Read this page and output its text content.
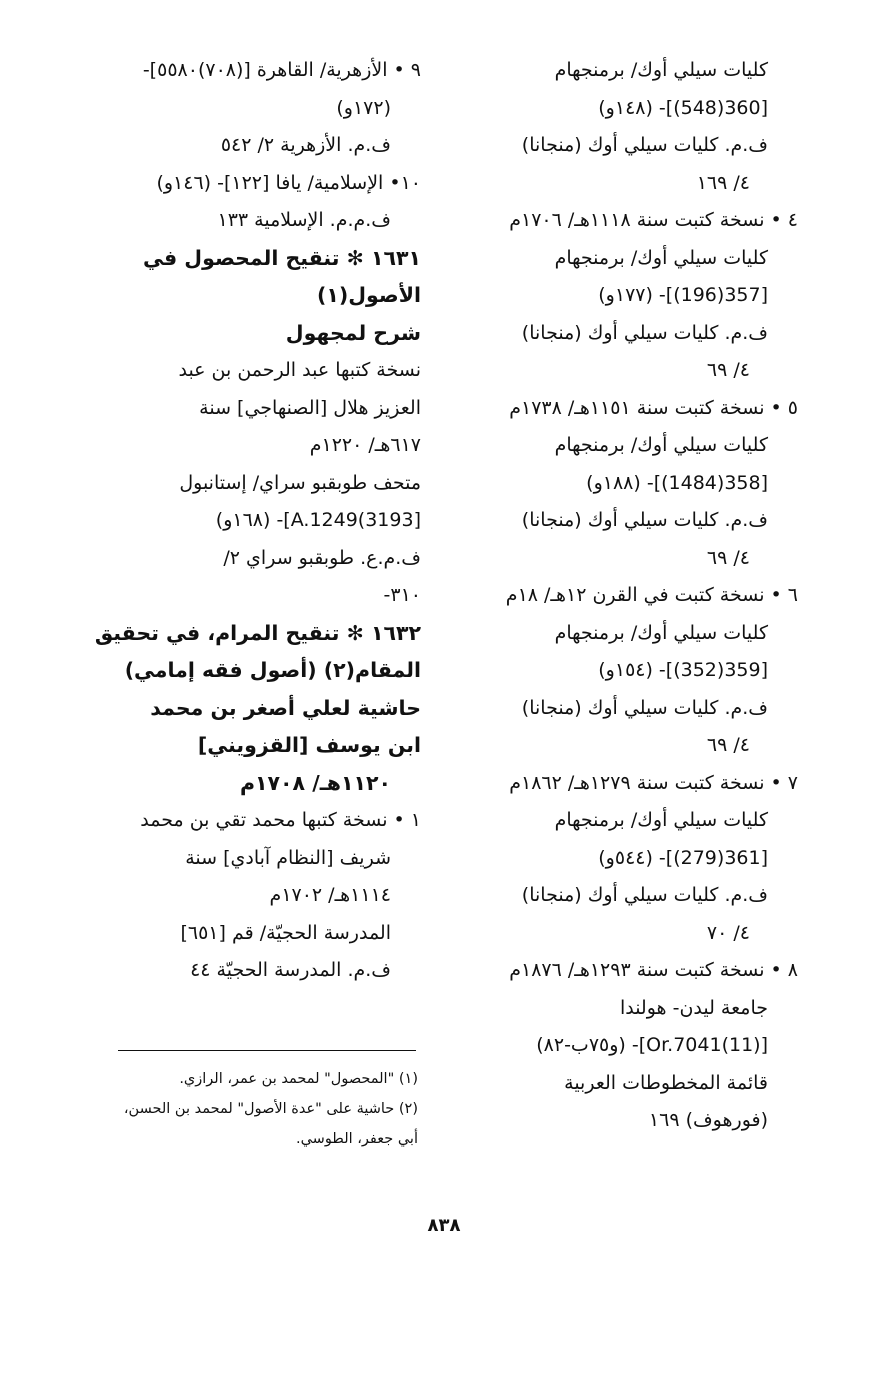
كليات سيلي أوك/ برمنجهام
[360(548)]- (١٤٨و)
ف.م. كليات سيلي أوك (منجانا)
٤/ ١٦٩
٤ • نسخة كتبت سنة ١١١٨هـ/ ١٧٠٦م
كليات سيلي أوك/ برمنجهام
[357(196)]- (١٧٧و)
ف.م. كليات سيلي أوك (منجانا)
٤/ ٦٩
٥ • نسخة كتبت سنة ١١٥١هـ/ ١٧٣٨م
كليات سيلي أوك/ برمنجهام
[358(1484)]- (١٨٨و)
ف.م. كليات سيلي أوك (منجانا)
٤/ ٦٩
٦ • نسخة كتبت في القرن ١٢هـ/ ١٨م
كليات سيلي أوك/ برمنجهام
[359(352)]- (١٥٤و)
ف.م. كليات سيلي أوك (منجانا)
٤/ ٦٩
٧ • نسخة كتبت سنة ١٢٧٩هـ/ ١٨٦٢م
كليات سيلي أوك/ برمنجهام
[361(279)]- (٥٤٤و)
ف.م. كليات سيلي أوك (منجانا)
٤/ ٧٠
٨ • نسخة كتبت سنة ١٢٩٣هـ/ ١٨٧٦م
جامعة ليدن- هولندا
[Or.7041(11)]- (و٧٥ب-٨٢)
قائمة المخطوطات العربية
(فورهوف) ١٦٩
٩ • الأزهرية/ القاهرة [(٧٠٨)٥٥٨٠]-
(١٧٢و)
ف.م. الأزهرية ٢/ ٥٤٢
١٠• الإسلامية/ يافا [١٢٢]- (١٤٦و)
ف.م.م. الإسلامية ١٣٣
١٦٣١ ✻ تنقيح المحصول في
الأصول(١)
شرح لمجهول
نسخة كتبها عبد الرحمن بن عبد
العزيز هلال [الصنهاجي] سنة
٦١٧هـ/ ١٢٢٠م
متحف طوبقبو سراي/ إستانبول
[3193)A.1249]- (١٦٨و)
ف.م.ع. طوبقبو سراي ٢/
٣١٠-
١٦٣٢ ✻ تنقيح المرام، في تحقيق
المقام(٢) (أصول فقه إمامي)
حاشية لعلي أصغر بن محمد
ابن يوسف [القزويني]
١١٢٠هـ/ ١٧٠٨م
١ • نسخة كتبها محمد تقي بن محمد
شريف [النظام آبادي] سنة
١١١٤هـ/ ١٧٠٢م
المدرسة الحجيّة/ قم [٦٥١]
ف.م. المدرسة الحجيّة ٤٤
(١) "المحصول" لمحمد بن عمر، الرازي.
(٢) حاشية على "عدة الأصول" لمحمد بن الحسن،
أبي جعفر، الطوسي.
٨٣٨
